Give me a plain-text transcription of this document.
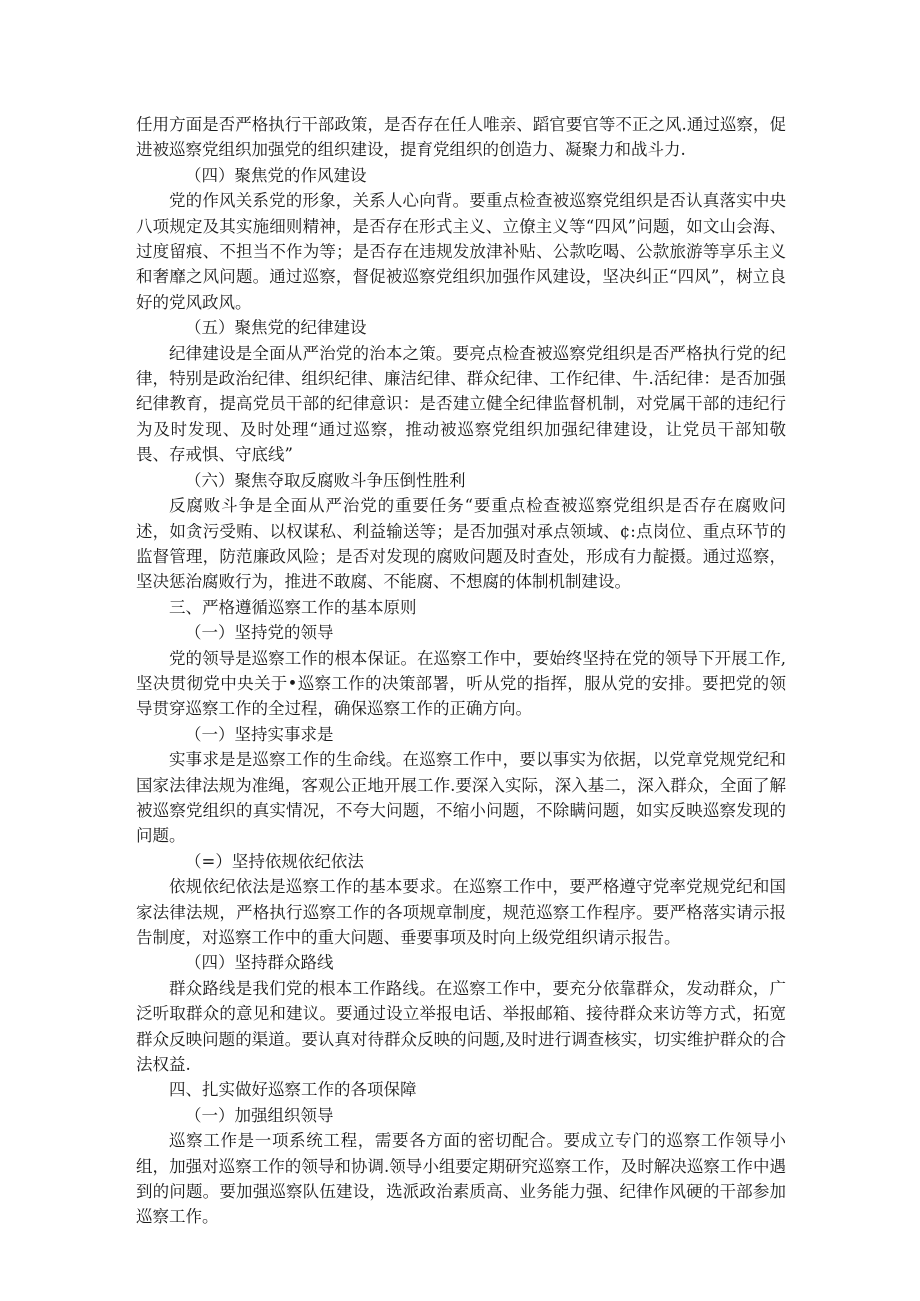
任用方面是否严格执行干部政策，是否存在任人唯亲、蹈官要官等不正之风.通过巡察，促进被巡察党组织加强党的组织建设，提育党组织的创造力、凝聚力和战斗力.

（四）聚焦党的作风建设

党的作风关系党的形象，关系人心向背。要重点检查被巡察党组织是否认真落实中央八项规定及其实施细则精神，是否存在形式主义、立僚主义等“四风”问题，如文山会海、过度留痕、不担当不作为等；是否存在违规发放津补贴、公款吃喝、公款旅游等享乐主义和奢靡之风问题。通过巡察，督促被巡察党组织加强作风建设，坚决纠正“四风”，树立良好的党风政风。

（五）聚焦党的纪律建设

纪律建设是全面从严治党的治本之策。要亮点检査被巡察党组织是否严格执行党的纪律，特别是政治纪律、组织纪律、廉洁纪律、群众纪律、工作纪律、牛.活纪律：是否加强纪律教育，提高党员干部的纪律意识：是否建立健全纪律监督机制，对党属干部的违纪行为及时发现、及时处理“通过巡察，推动被巡察党组织加强纪律建设，让党员干部知敬畏、存戒惧、守底线”

（六）聚焦夺取反腐败斗争压倒性胜利

反腐败斗争是全面从严治党的重要任务“要重点检查被巡察党组织是否存在腐败问述，如贪污受贿、以权谋私、利益输送等；是否加强对承点领域、¢:点岗位、重点环节的监督管理，防范廉政风险；是否对发现的腐败问题及时查处，形成有力靛摄。通过巡察，坚决惩治腐败行为，推进不敢腐、不能腐、不想腐的体制机制建设。

三、严格遵循巡察工作的基本原则

（一）坚持党的领导

党的领导是巡察工作的根本保证。在巡察工作中，要始终坚持在党的领导下开展工作,坚决贯彻党中央关于•巡察工作的决策部署，听从党的指挥，服从党的安排。要把党的领导贯穿巡察工作的全过程，确保巡察工作的正确方向。

（一）坚持实事求是

实事求是是巡察工作的生命线。在巡察工作中，要以事实为依据，以党章党规党纪和国家法律法规为准绳，客观公正地开展工作.要深入实际，深入基二，深入群众，全面了解被巡察党组织的真实情况，不夸大问题，不缩小问题，不除瞒问题，如实反映巡察发现的问题。

（=）坚持依规依纪依法

依规依纪依法是巡察工作的基本要求。在巡察工作中，要严格遵守党率党规党纪和国家法律法规，严格执行巡察工作的各项规章制度，规范巡察工作程序。要严格落实请示报告制度，对巡察工作中的重大问题、垂要事项及时向上级党组织请示报告。

（四）坚持群众路线

群众路线是我们党的根本工作路线。在巡察工作中，要充分依靠群众，发动群众，广泛听取群众的意见和建议。要通过设立举报电话、举报邮箱、接待群众来访等方式，拓宽群众反映问题的渠道。要认真对待群众反映的问题,及时进行调查核实，切实维护群众的合法权益.

四、扎实做好巡察工作的各项保障

（一）加强组织领导

巡察工作是一项系统工程，需要各方面的密切配合。要成立专门的巡察工作领导小组，加强对巡察工作的领导和协调.领导小组要定期研究巡察工作，及时解决巡察工作中遇到的问题。要加强巡察队伍建设，选派政治素质高、业务能力强、纪律作风硬的干部参加巡察工作。
